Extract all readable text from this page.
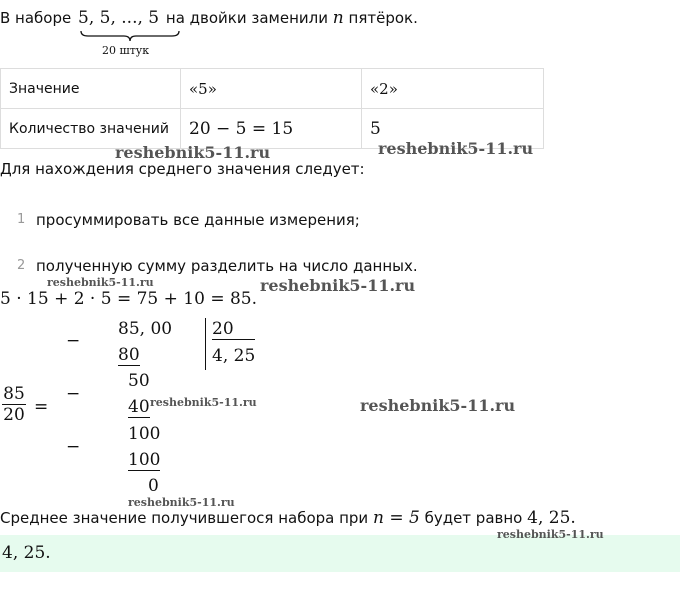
В наборе 5, 5, ..., 5 на двойки заменили n пятёрок.
20 штук
Значение	«5»	«2»
Количество значений	20 − 5 = 15	5
reshebnik5-11.ru	reshebnik5-11.ru
Для нахождения среднего значения следует:
1 просуммировать все данные измерения;
2 полученную сумму разделить на число данных.
reshebnik5-11.ru	reshebnik5-11.ru
5 · 15 + 2 · 5 = 75 + 10 = 85.
$\frac{85}{20}$ =
−
−
−
85, 00
80
20
4, 25
50
40
100
100
0
reshebnik5-11.ru	reshebnik5-11.ru
reshebnik5-11.ru
Среднее значение получившегося набора при n = 5 будет равно 4, 25.
4, 25.
reshebnik5-11.ru
